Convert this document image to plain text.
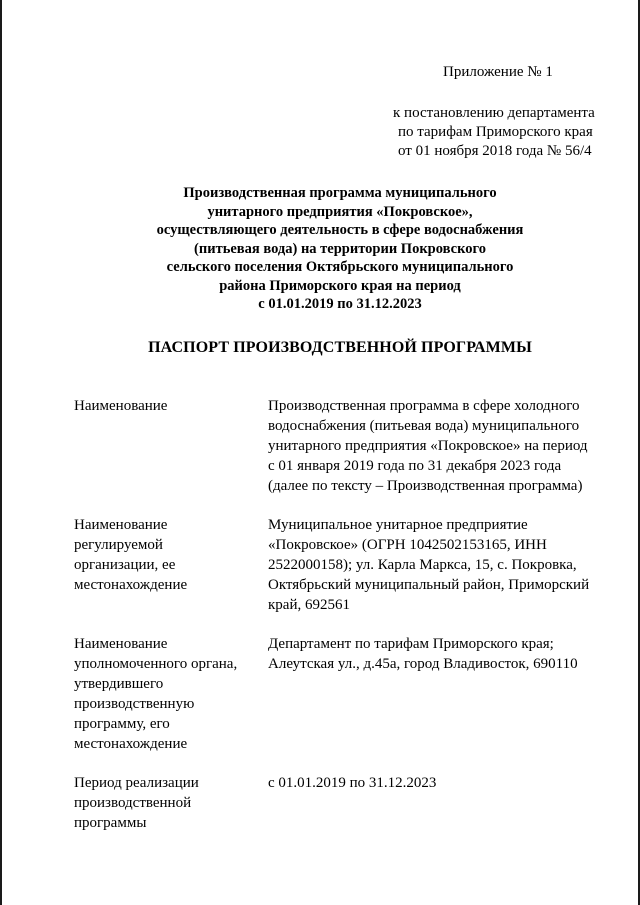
Приложение № 1
к постановлению департамента
по тарифам Приморского края
от 01 ноября 2018 года № 56/4
Производственная программа муниципального
унитарного предприятия «Покровское»,
осуществляющего деятельность в сфере водоснабжения
(питьевая вода) на территории Покровского
сельского поселения Октябрьского муниципального
района Приморского края на период
с 01.01.2019 по 31.12.2023
ПАСПОРТ ПРОИЗВОДСТВЕННОЙ ПРОГРАММЫ
Наименование	Производственная программа в сфере холодного
водоснабжения (питьевая вода) муниципального
унитарного предприятия «Покровское» на период
с 01 января 2019 года по 31 декабря 2023 года
(далее по тексту – Производственная программа)
Наименование
регулируемой
организации, ее
местонахождение
Муниципальное унитарное предприятие
«Покровское» (ОГРН 1042502153165, ИНН
2522000158); ул. Карла Маркса, 15, с. Покровка,
Октябрьский муниципальный район, Приморский
край, 692561
Наименование
уполномоченного органа,
утвердившего
производственную
программу, его
местонахождение
Департамент по тарифам Приморского края;
Алеутская ул., д.45а, город Владивосток, 690110
Период реализации
производственной
программы
с 01.01.2019 по 31.12.2023
